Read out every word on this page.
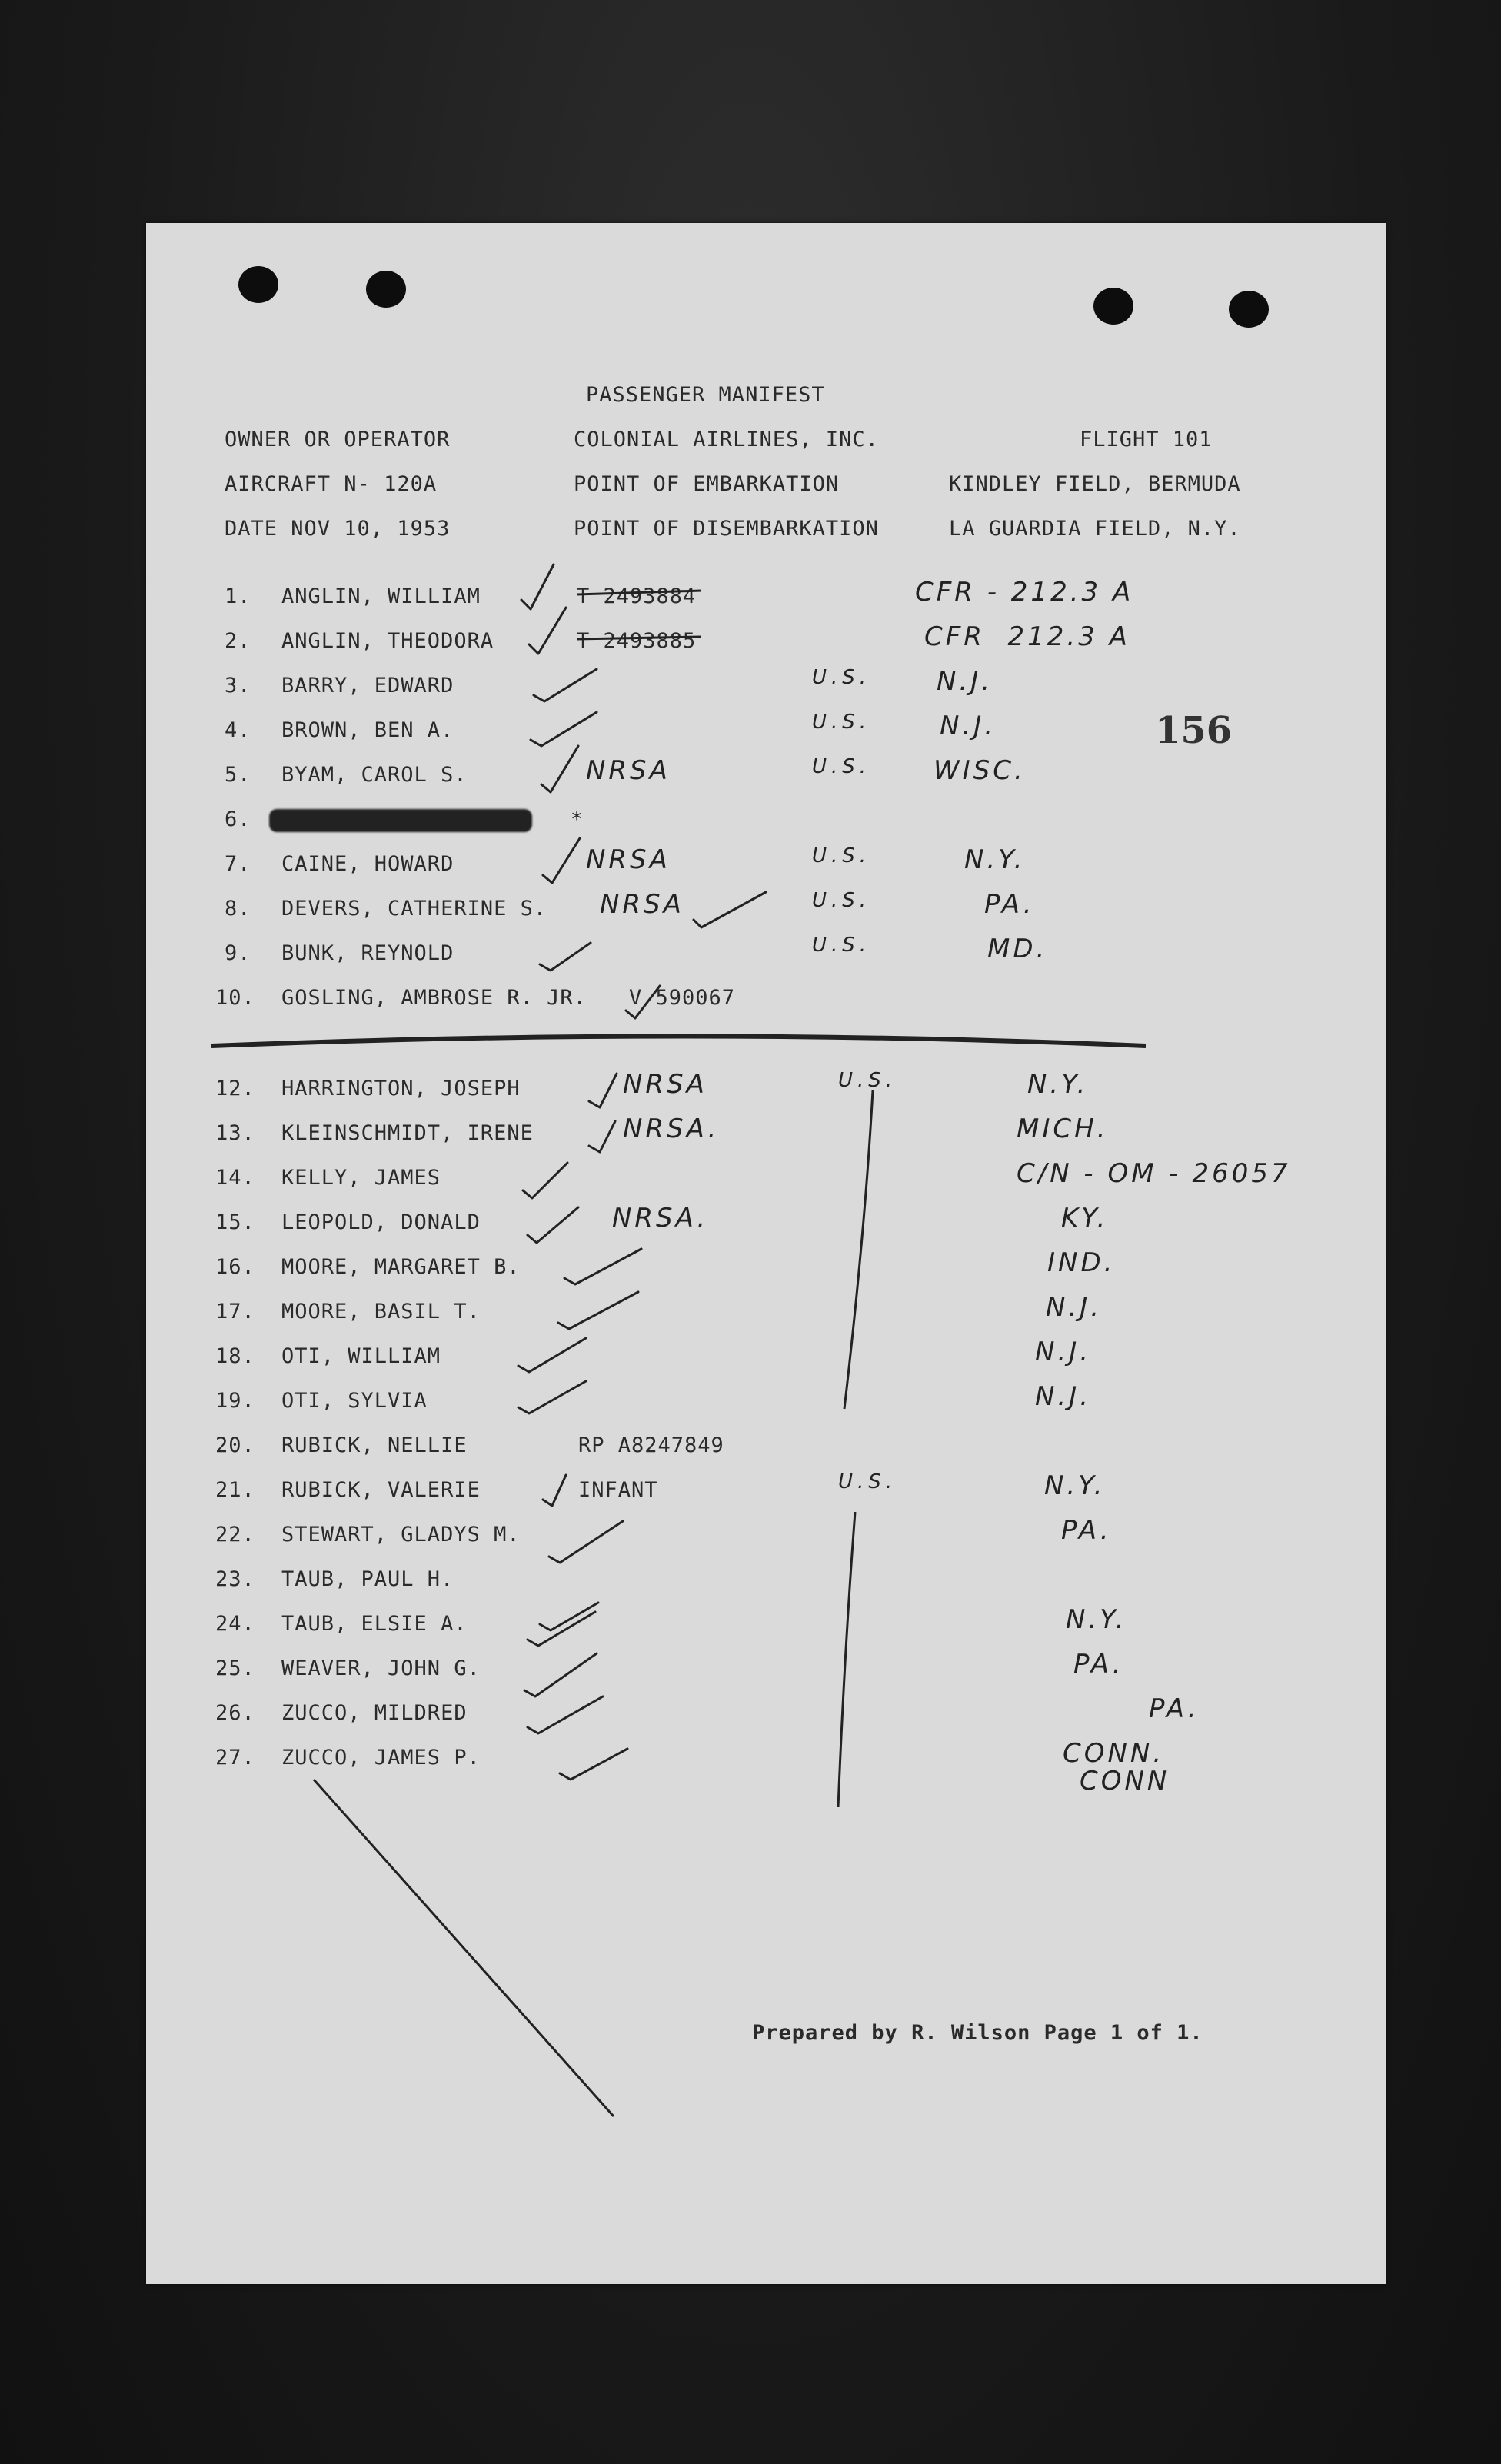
PASSENGER MANIFEST
OWNER OR OPERATOR	COLONIAL AIRLINES, INC.	FLIGHT 101
AIRCRAFT N- 120A	POINT OF EMBARKATION	KINDLEY FIELD, BERMUDA
DATE NOV 10, 1953	POINT OF DISEMBARKATION	LA GUARDIA FIELD, N.Y.
156
1. ANGLIN, WILLIAM	T 2493884	CFR - 212.3 A
2. ANGLIN, THEODORA	T 2493885	CFR  212.3 A
3. BARRY, EDWARD	U.S.	N.J.
4. BROWN, BEN A.	U.S.	N.J.
5. BYAM, CAROL S.	NRSA	U.S. WISC.
6.	*
7. CAINE, HOWARD	NRSA	U.S.	N.Y.
8. DEVERS, CATHERINE S. NRSA	U.S.	PA.
9. BUNK, REYNOLD	U.S.	MD.
10. GOSLING, AMBROSE R. JR. V 590067
12. HARRINGTON, JOSEPH	NRSA	U.S.	N.Y.
13. KLEINSCHMIDT, IRENE	NRSA.	MICH.
14. KELLY, JAMES	C/N - OM - 26057
15. LEOPOLD, DONALD	NRSA.	KY.
16. MOORE, MARGARET B.	IND.
17. MOORE, BASIL T.	N.J.
18. OTI, WILLIAM	N.J.
19. OTI, SYLVIA	N.J.
20. RUBICK, NELLIE	RP A8247849
21. RUBICK, VALERIE	INFANT	U.S.	N.Y.
22. STEWART, GLADYS M.	PA.
23. TAUB, PAUL H.
24. TAUB, ELSIE A.	N.Y.
25. WEAVER, JOHN G.	PA.
26. ZUCCO, MILDRED	PA.
27. ZUCCO, JAMES P.	CONN.
CONN
Prepared by R. Wilson Page 1 of 1.
